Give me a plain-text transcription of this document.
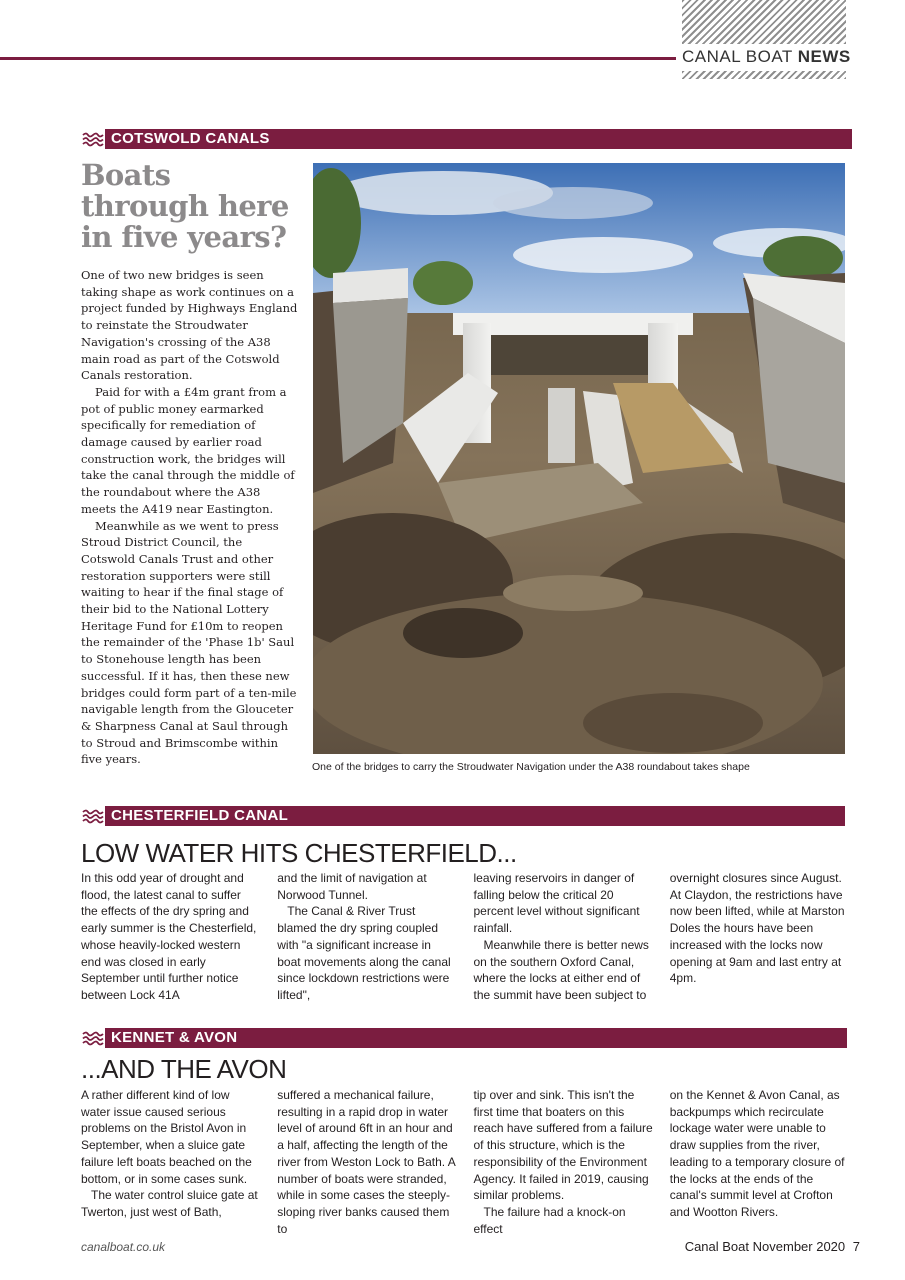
CANAL BOAT NEWS
COTSWOLD CANALS
Boats through here in five years?

One of two new bridges is seen taking shape as work continues on a project funded by Highways England to reinstate the Stroudwater Navigation's crossing of the A38 main road as part of the Cotswold Canals restoration.

Paid for with a £4m grant from a pot of public money earmarked specifically for remediation of damage caused by earlier road construction work, the bridges will take the canal through the middle of the roundabout where the A38 meets the A419 near Eastington.

Meanwhile as we went to press Stroud District Council, the Cotswold Canals Trust and other restoration supporters were still waiting to hear if the final stage of their bid to the National Lottery Heritage Fund for £10m to reopen the remainder of the 'Phase 1b' Saul to Stonehouse length has been successful. If it has, then these new bridges could form part of a ten-mile navigable length from the Glouceter & Sharpness Canal at Saul through to Stroud and Brimscombe within five years.

One of the bridges to carry the Stroudwater Navigation under the A38 roundabout takes shape
CHESTERFIELD CANAL
LOW WATER HITS CHESTERFIELD...

In this odd year of drought and flood, the latest canal to suffer the effects of the dry spring and early summer is the Chesterfield, whose heavily-locked western end was closed in early September until further notice between Lock 41A

and the limit of navigation at Norwood Tunnel.

The Canal & River Trust blamed the dry spring coupled with "a significant increase in boat movements along the canal since lockdown restrictions were lifted",

leaving reservoirs in danger of falling below the critical 20 percent level without significant rainfall.

Meanwhile there is better news on the southern Oxford Canal, where the locks at either end of the summit have been subject to

overnight closures since August. At Claydon, the restrictions have now been lifted, while at Marston Doles the hours have been increased with the locks now opening at 9am and last entry at 4pm.

KENNET & AVON
...AND THE AVON

A rather different kind of low water issue caused serious problems on the Bristol Avon in September, when a sluice gate failure left boats beached on the bottom, or in some cases sunk.

The water control sluice gate at Twerton, just west of Bath,

suffered a mechanical failure, resulting in a rapid drop in water level of around 6ft in an hour and a half, affecting the length of the river from Weston Lock to Bath. A number of boats were stranded, while in some cases the steeply-sloping river banks caused them to

tip over and sink. This isn't the first time that boaters on this reach have suffered from a failure of this structure, which is the responsibility of the Environment Agency. It failed in 2019, causing similar problems.

The failure had a knock-on effect

on the Kennet & Avon Canal, as backpumps which recirculate lockage water were unable to draw supplies from the river, leading to a temporary closure of the locks at the ends of the canal's summit level at Crofton and Wootton Rivers.

canalboat.co.uk	Canal Boat November 2020 7
